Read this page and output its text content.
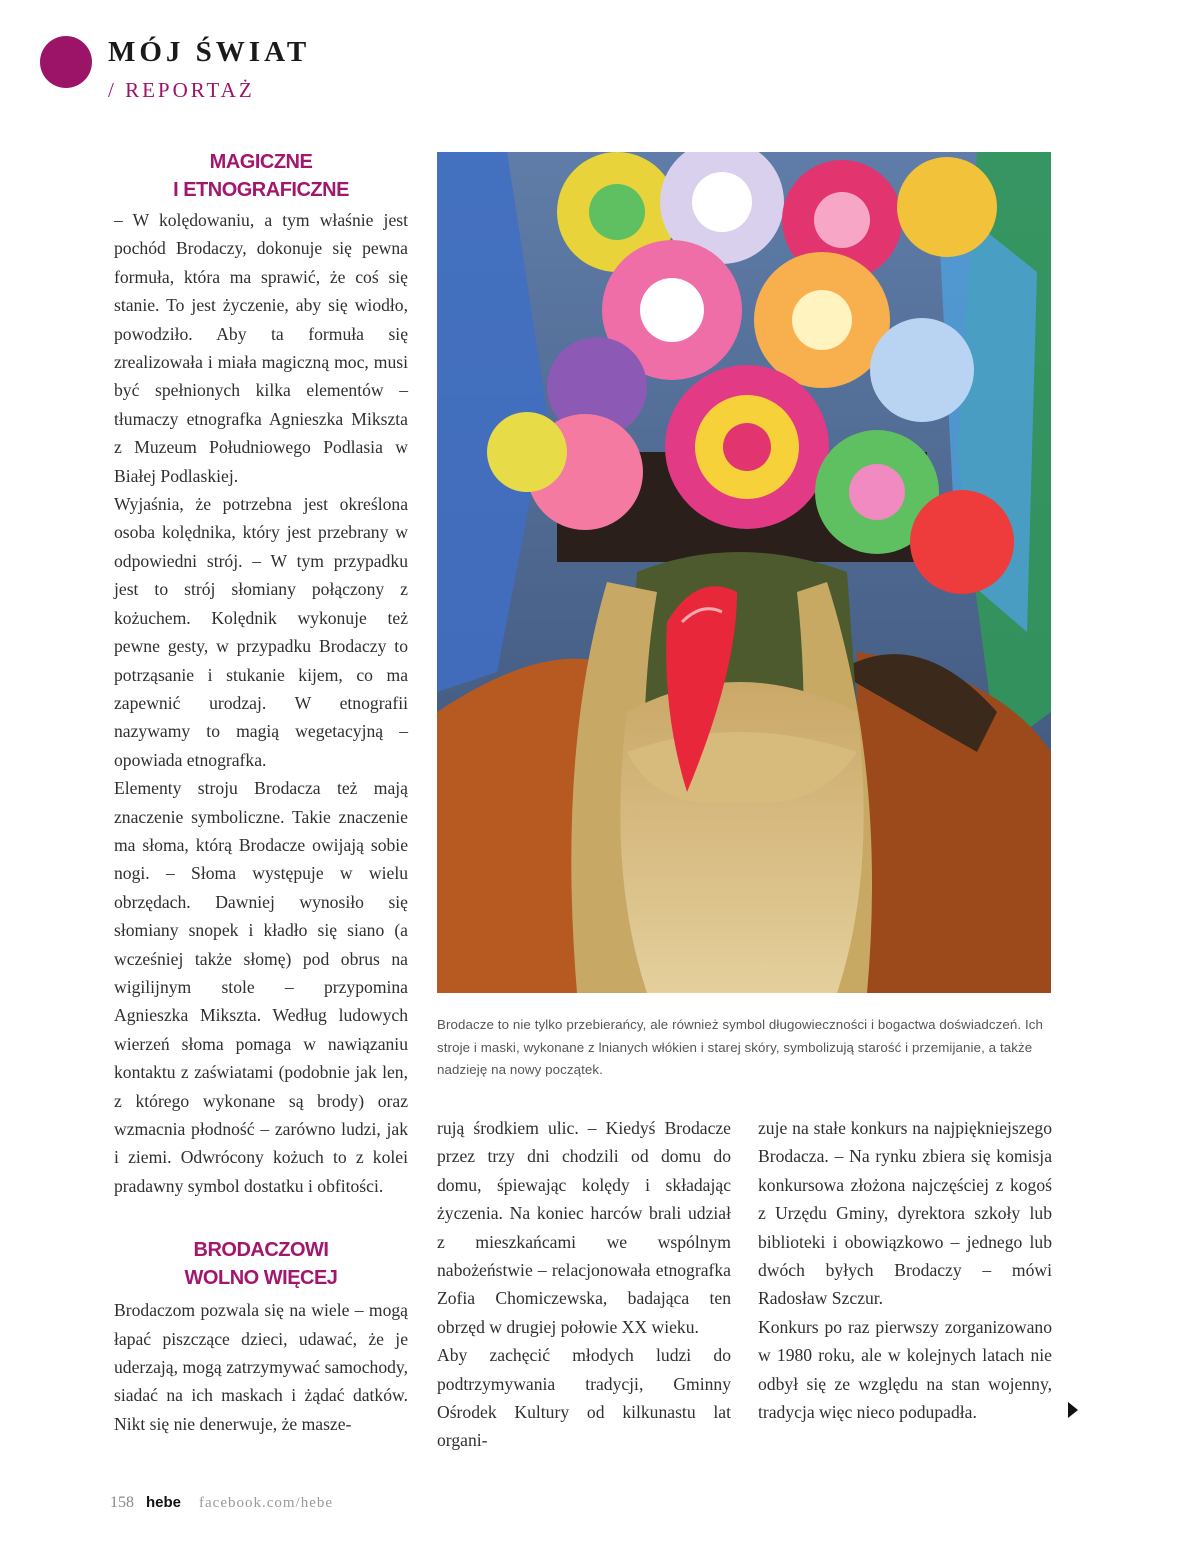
MÓJ ŚWIAT
/ REPORTAŻ
MAGICZNE
I ETNOGRAFICZNE

– W kolędowaniu, a tym właśnie jest pochód Brodaczy, dokonuje się pewna formuła, która ma sprawić, że coś się stanie. To jest życzenie, aby się wiodło, powodziło. Aby ta formuła się zrealizowała i miała magiczną moc, musi być spełnionych kilka elementów – tłumaczy etnografka Agnieszka Mikszta z Muzeum Południowego Podlasia w Białej Podlaskiej.

Wyjaśnia, że potrzebna jest określona osoba kolędnika, który jest przebrany w odpowiedni strój. – W tym przypadku jest to strój słomiany połączony z kożuchem. Kolędnik wykonuje też pewne gesty, w przypadku Brodaczy to potrząsanie i stukanie kijem, co ma zapewnić urodzaj. W etnografii nazywamy to magią wegetacyjną – opowiada etnografka.

Elementy stroju Brodacza też mają znaczenie symboliczne. Takie znaczenie ma słoma, którą Brodacze owijają sobie nogi. – Słoma występuje w wielu obrzędach. Dawniej wynosiło się słomiany snopek i kładło się siano (a wcześniej także słomę) pod obrus na wigilijnym stole – przypomina Agnieszka Mikszta. Według ludowych wierzeń słoma pomaga w nawiązaniu kontaktu z zaświatami (podobnie jak len, z którego wykonane są brody) oraz wzmacnia płodność – zarówno ludzi, jak i ziemi. Odwrócony kożuch to z kolei pradawny symbol dostatku i obfitości.

BRODACZOWI
WOLNO WIĘCEJ

Brodaczom pozwala się na wiele – mogą łapać piszczące dzieci, udawać, że je uderzają, mogą zatrzymywać samochody, siadać na ich maskach i żądać datków. Nikt się nie denerwuje, że masze-

Brodacze to nie tylko przebierańcy, ale również symbol długowieczności i bogactwa doświadczeń. Ich stroje i maski, wykonane z lnianych włókien i starej skóry, symbolizują starość i przemijanie, a także nadzieję na nowy początek.

rują środkiem ulic. – Kiedyś Brodacze przez trzy dni chodzili od domu do domu, śpiewając kolędy i składając życzenia. Na koniec harców brali udział z mieszkańcami we wspólnym nabożeństwie – relacjonowała etnografka Zofia Chomiczewska, badająca ten obrzęd w drugiej połowie XX wieku.

Aby zachęcić młodych ludzi do podtrzymywania tradycji, Gminny Ośrodek Kultury od kilkunastu lat organi-

zuje na stałe konkurs na najpiękniejszego Brodacza. – Na rynku zbiera się komisja konkursowa złożona najczęściej z kogoś z Urzędu Gminy, dyrektora szkoły lub biblioteki i obowiązkowo – jednego lub dwóch byłych Brodaczy – mówi Radosław Szczur.

Konkurs po raz pierwszy zorganizowano w 1980 roku, ale w kolejnych latach nie odbył się ze względu na stan wojenny, tradycja więc nieco podupadła.

158 hebe facebook.com/hebe
